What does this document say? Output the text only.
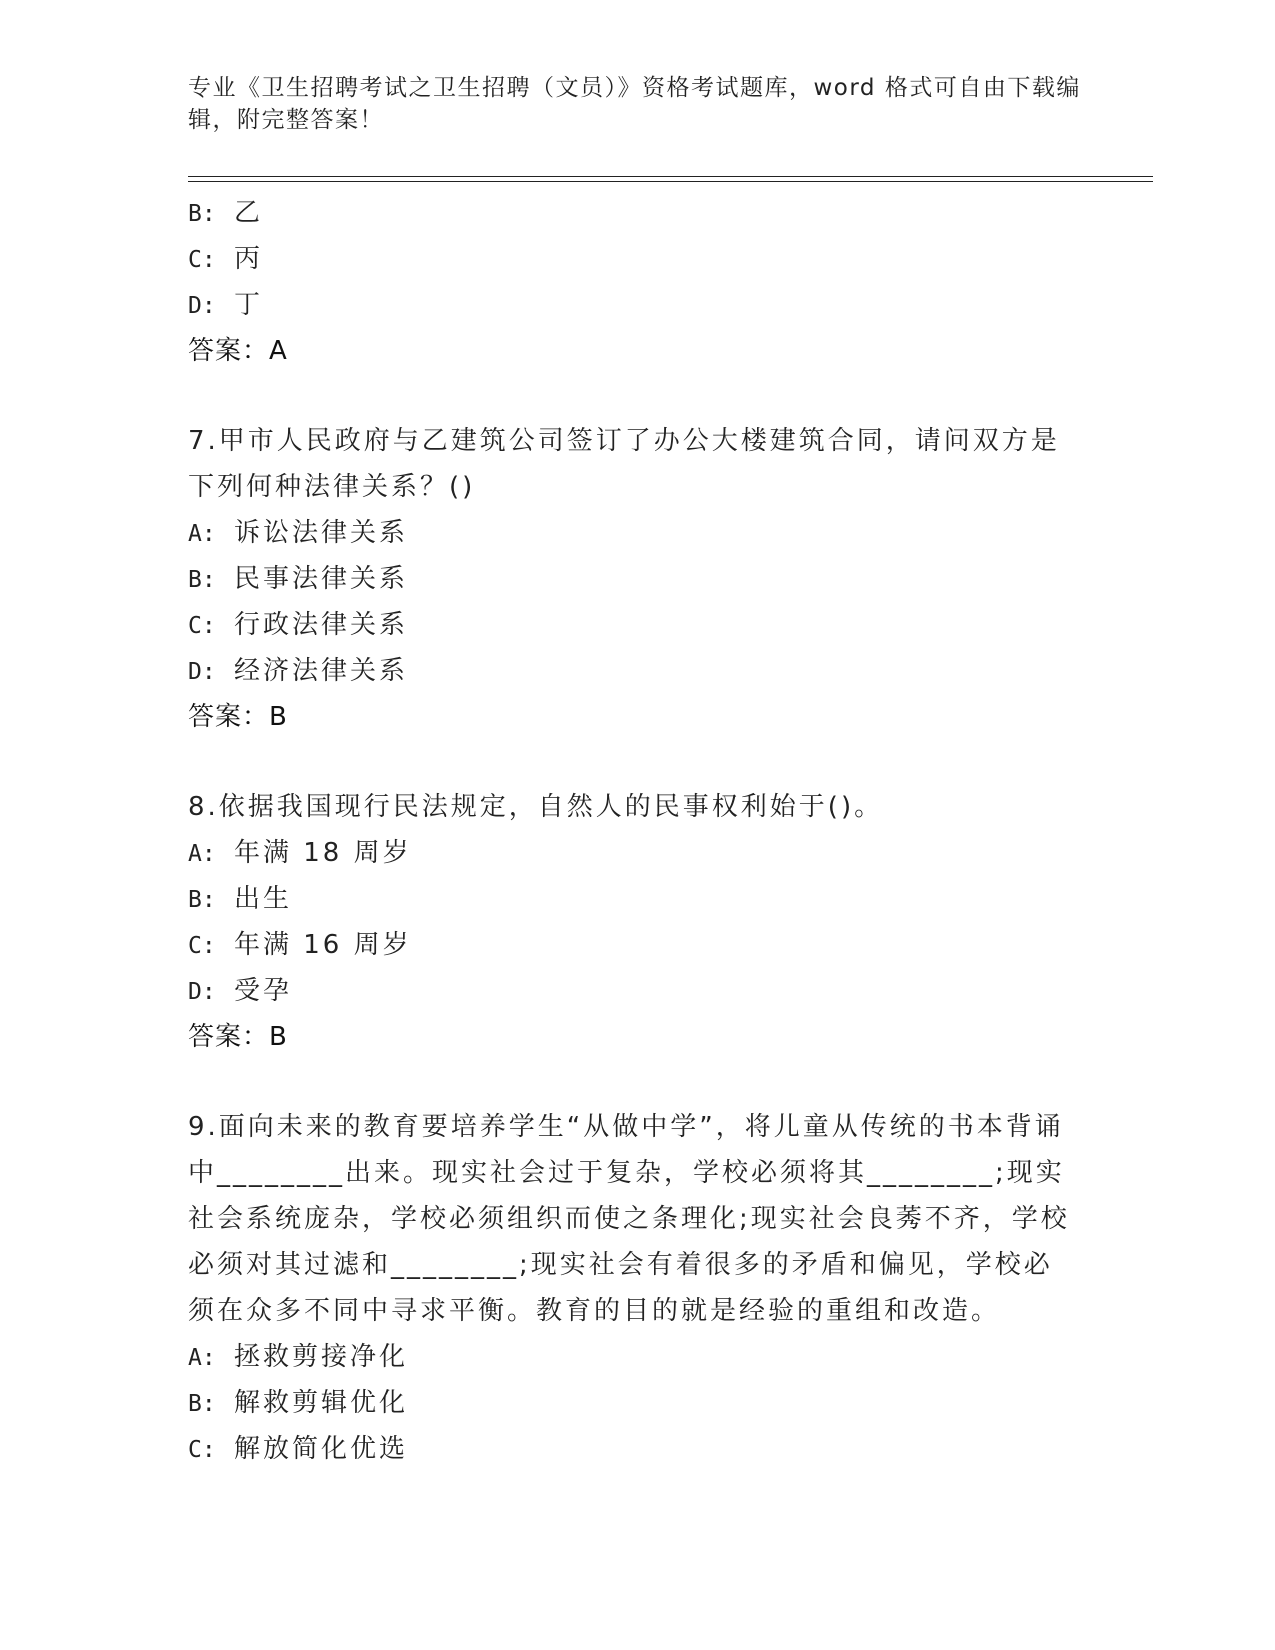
专业《卫生招聘考试之卫生招聘（文员）》资格考试题库，word 格式可自由下载编辑，附完整答案！
B: 乙
C: 丙
D: 丁
答案：A
7.甲市人民政府与乙建筑公司签订了办公大楼建筑合同，请问双方是下列何种法律关系？()
A: 诉讼法律关系
B: 民事法律关系
C: 行政法律关系
D: 经济法律关系
答案：B
8.依据我国现行民法规定，自然人的民事权利始于()。
A: 年满 18 周岁
B: 出生
C: 年满 16 周岁
D: 受孕
答案：B
9.面向未来的教育要培养学生“从做中学”，将儿童从传统的书本背诵中________出来。现实社会过于复杂，学校必须将其________;现实社会系统庞杂，学校必须组织而使之条理化;现实社会良莠不齐，学校必须对其过滤和________;现实社会有着很多的矛盾和偏见，学校必须在众多不同中寻求平衡。教育的目的就是经验的重组和改造。
A: 拯救剪接净化
B: 解救剪辑优化
C: 解放简化优选
